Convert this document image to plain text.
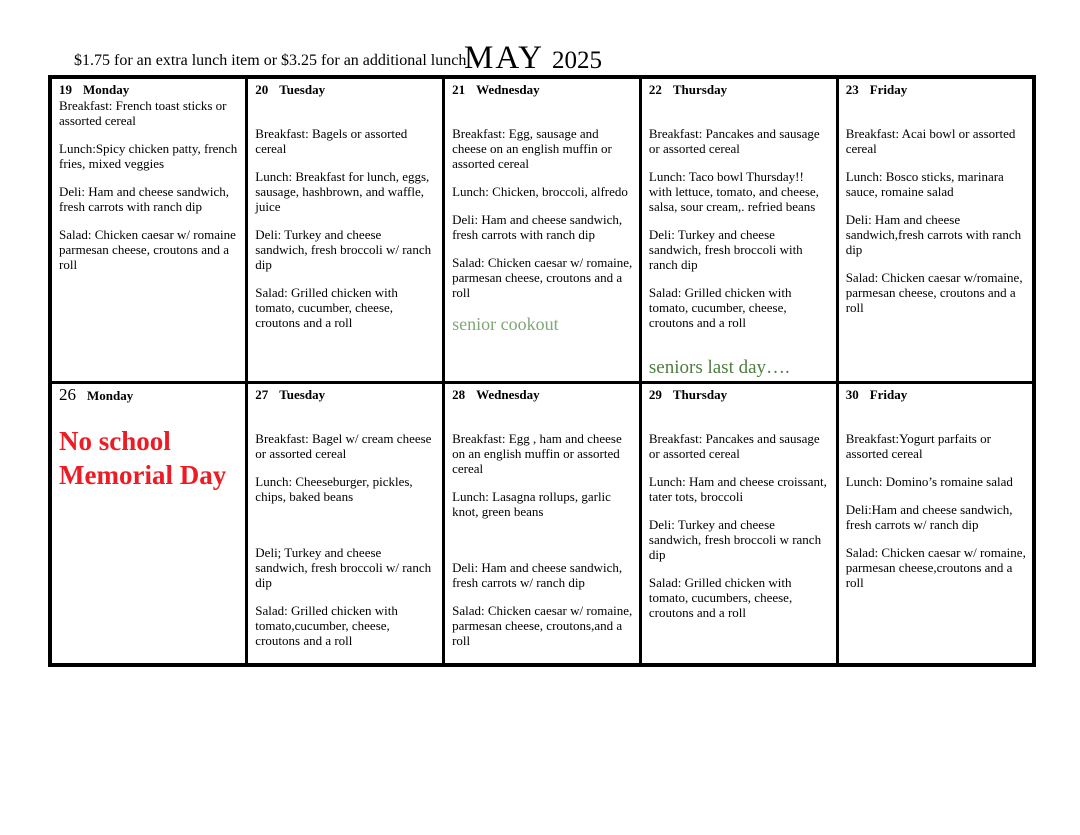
$1.75 for an extra lunch item or $3.25 for an additional lunch
MAY 2025
19 Monday

Breakfast: French toast sticks or assorted cereal

Lunch:Spicy chicken patty, french fries, mixed veggies

Deli: Ham and cheese sandwich, fresh carrots with ranch dip

Salad: Chicken caesar w/ romaine parmesan cheese, croutons and a roll

20 Tuesday

Breakfast: Bagels or assorted cereal

Lunch: Breakfast for lunch, eggs, sausage, hashbrown, and waffle, juice

Deli: Turkey and cheese sandwich, fresh broccoli w/ ranch dip

Salad: Grilled chicken with tomato, cucumber, cheese, croutons and a roll

21 Wednesday

Breakfast: Egg, sausage and cheese on an english muffin or assorted cereal

Lunch: Chicken, broccoli, alfredo

Deli: Ham and cheese sandwich, fresh carrots with ranch dip

Salad: Chicken caesar w/ romaine, parmesan cheese, croutons and a roll

senior cookout

22 Thursday

Breakfast: Pancakes and sausage or assorted cereal

Lunch: Taco bowl Thursday!! with lettuce, tomato, and cheese, salsa, sour cream,. refried beans

Deli: Turkey and cheese sandwich, fresh broccoli with ranch dip

Salad: Grilled chicken with tomato, cucumber, cheese, croutons and a roll

seniors last day….

23 Friday

Breakfast: Acai bowl or assorted cereal

Lunch: Bosco sticks, marinara sauce, romaine salad

Deli: Ham and cheese sandwich,fresh carrots with ranch dip

Salad: Chicken caesar w/romaine, parmesan cheese, croutons and a roll

26 Monday
No school Memorial Day

27 Tuesday

Breakfast: Bagel w/ cream cheese or assorted cereal

Lunch: Cheeseburger, pickles, chips, baked beans

Deli; Turkey and cheese sandwich, fresh broccoli w/ ranch dip

Salad: Grilled chicken with tomato,cucumber, cheese, croutons and a roll

28 Wednesday

Breakfast: Egg , ham and cheese on an english muffin or assorted cereal

Lunch: Lasagna rollups, garlic knot, green beans

Deli: Ham and cheese sandwich, fresh carrots w/ ranch dip

Salad: Chicken caesar w/ romaine, parmesan cheese, croutons,and a roll

29 Thursday

Breakfast: Pancakes and sausage or assorted cereal

Lunch: Ham and cheese croissant, tater tots, broccoli

Deli: Turkey and cheese sandwich, fresh broccoli w ranch dip

Salad: Grilled chicken with tomato, cucumbers, cheese, croutons and a roll

30 Friday

Breakfast:Yogurt parfaits or assorted cereal

Lunch: Domino’s romaine salad

Deli:Ham and cheese sandwich, fresh carrots w/ ranch dip

Salad: Chicken caesar w/ romaine, parmesan cheese,croutons and a roll
